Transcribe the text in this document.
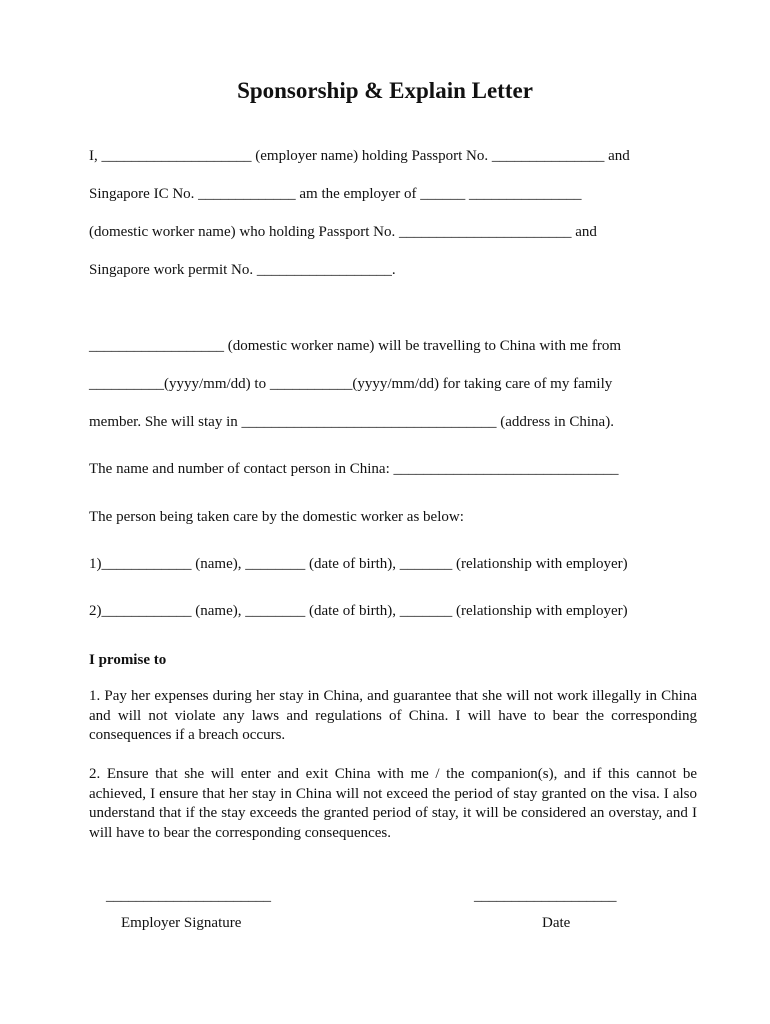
Sponsorship & Explain Letter
I, ____________________ (employer name) holding Passport No. _______________ and
Singapore IC No. _____________ am the employer of ______ _______________
(domestic worker name) who holding Passport No. _______________________ and
Singapore work permit No. __________________.
__________________ (domestic worker name) will be travelling to China with me from
__________(yyyy/mm/dd) to ___________(yyyy/mm/dd) for taking care of my family
member. She will stay in __________________________________ (address in China).
The name and number of contact person in China: ______________________________
The person being taken care by the domestic worker as below:
1)____________ (name), ________ (date of birth), _______ (relationship with employer)
2)____________ (name), ________ (date of birth), _______ (relationship with employer)
I promise to
1. Pay her expenses during her stay in China, and guarantee that she will not work illegally in China and will not violate any laws and regulations of China. I will have to bear the corresponding consequences if a breach occurs.
2. Ensure that she will enter and exit China with me / the companion(s), and if this cannot be achieved, I ensure that her stay in China will not exceed the period of stay granted on the visa. I also understand that if the stay exceeds the granted period of stay, it will be considered an overstay, and I will have to bear the corresponding consequences.
______________________
Employer Signature
___________________
Date
